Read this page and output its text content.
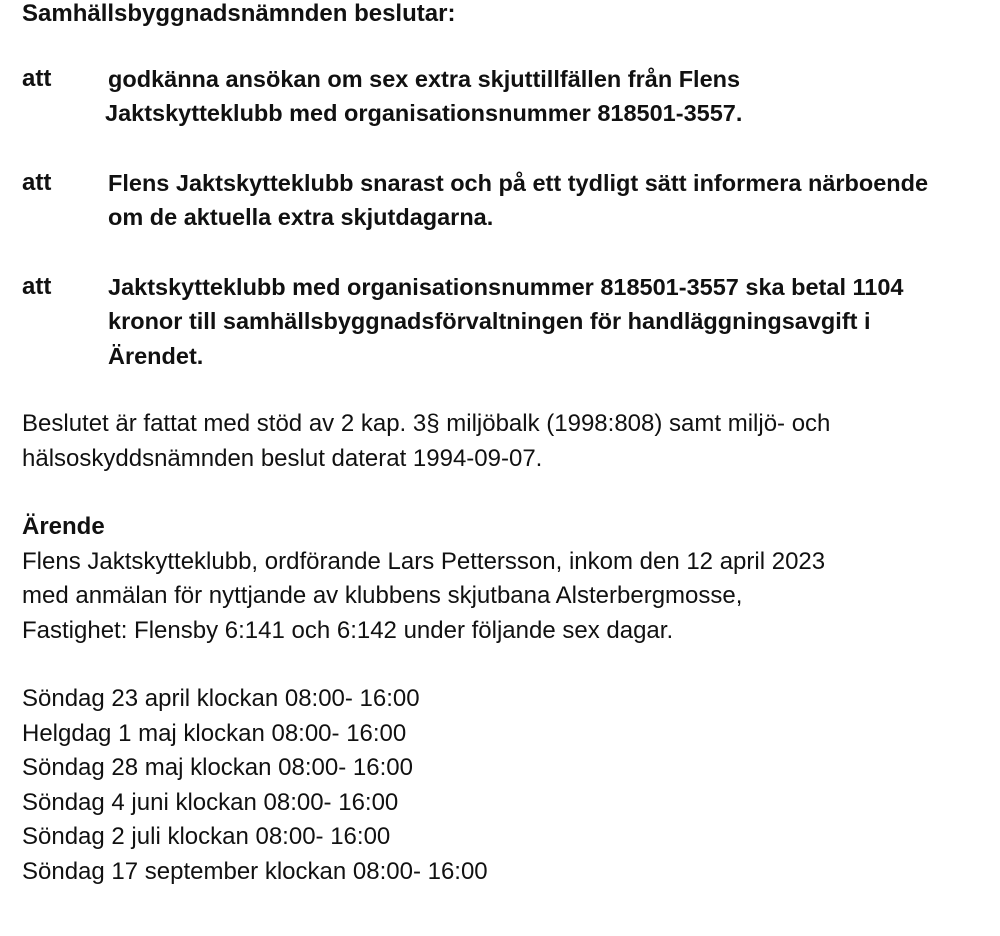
Samhällsbyggnadsnämnden beslutar:
att	godkänna ansökan om sex extra skjuttillfällen från Flens
Jaktskytteklubb med organisationsnummer 818501-3557.
att	Flens Jaktskytteklubb snarast och på ett tydligt sätt informera närboende
om de aktuella extra skjutdagarna.
att	Jaktskytteklubb med organisationsnummer 818501-3557 ska betal 1104
kronor till samhällsbyggnadsförvaltningen för handläggningsavgift i
Ärendet.
Beslutet är fattat med stöd av 2 kap. 3§ miljöbalk (1998:808) samt miljö- och
hälsoskyddsnämnden beslut daterat 1994-09-07.
Ärende
Flens Jaktskytteklubb, ordförande Lars Pettersson, inkom den 12 april 2023
med anmälan för nyttjande av klubbens skjutbana Alsterbergmosse,
Fastighet: Flensby 6:141 och 6:142 under följande sex dagar.
Söndag 23 april klockan 08:00- 16:00
Helgdag 1 maj klockan 08:00- 16:00
Söndag 28 maj klockan 08:00- 16:00
Söndag 4 juni klockan 08:00- 16:00
Söndag 2 juli klockan 08:00- 16:00
Söndag 17 september klockan 08:00- 16:00
